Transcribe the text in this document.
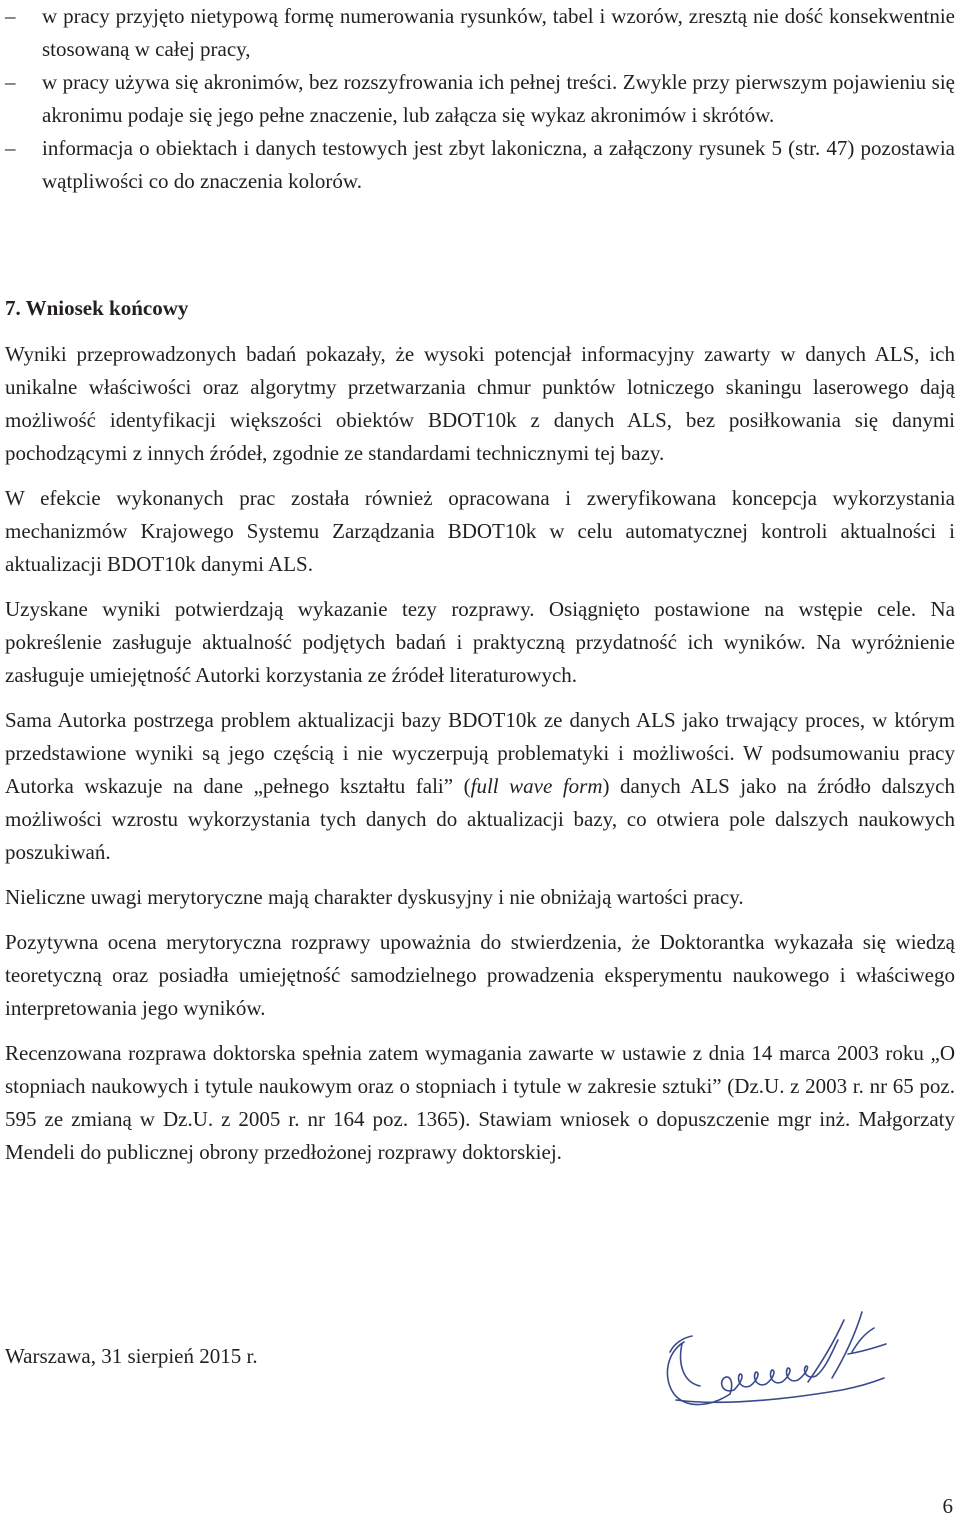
– w pracy przyjęto nietypową formę numerowania rysunków, tabel i wzorów, zresztą nie dość konsekwentnie stosowaną w całej pracy,
– w pracy używa się akronimów, bez rozszyfrowania ich pełnej treści. Zwykle przy pierwszym pojawieniu się akronimu podaje się jego pełne znaczenie, lub załącza się wykaz akronimów i skrótów.
– informacja o obiektach i danych testowych jest zbyt lakoniczna, a załączony rysunek 5 (str. 47) pozostawia wątpliwości co do znaczenia kolorów.
7. Wniosek końcowy

Wyniki przeprowadzonych badań pokazały, że wysoki potencjał informacyjny zawarty w danych ALS, ich unikalne właściwości oraz algorytmy przetwarzania chmur punktów lotniczego skaningu laserowego dają możliwość identyfikacji większości obiektów BDOT10k z danych ALS, bez posiłkowania się danymi pochodzącymi z innych źródeł, zgodnie ze standardami technicznymi tej bazy.

W efekcie wykonanych prac została również opracowana i zweryfikowana koncepcja wykorzystania mechanizmów Krajowego Systemu Zarządzania BDOT10k w celu automatycznej kontroli aktualności i aktualizacji BDOT10k danymi ALS.

Uzyskane wyniki potwierdzają wykazanie tezy rozprawy. Osiągnięto postawione na wstępie cele. Na pokreślenie zasługuje aktualność podjętych badań i praktyczną przydatność ich wyników. Na wyróżnienie zasługuje umiejętność Autorki korzystania ze źródeł literaturowych.

Sama Autorka postrzega problem aktualizacji bazy BDOT10k ze danych ALS jako trwający proces, w którym przedstawione wyniki są jego częścią i nie wyczerpują problematyki i możliwości. W podsumowaniu pracy Autorka wskazuje na dane „pełnego kształtu fali” (full wave form) danych ALS jako na źródło dalszych możliwości wzrostu wykorzystania tych danych do aktualizacji bazy, co otwiera pole dalszych naukowych poszukiwań.

Nieliczne uwagi merytoryczne mają charakter dyskusyjny i nie obniżają wartości pracy.

Pozytywna ocena merytoryczna rozprawy upoważnia do stwierdzenia, że Doktorantka wykazała się wiedzą teoretyczną oraz posiadła umiejętność samodzielnego prowadzenia eksperymentu naukowego i właściwego interpretowania jego wyników.

Recenzowana rozprawa doktorska spełnia zatem wymagania zawarte w ustawie z dnia 14 marca 2003 roku „O stopniach naukowych i tytule naukowym oraz o stopniach i tytule w zakresie sztuki” (Dz.U. z 2003 r. nr 65 poz. 595 ze zmianą w Dz.U. z 2005 r. nr 164 poz. 1365). Stawiam wniosek o dopuszczenie mgr inż. Małgorzaty Mendeli do publicznej obrony przedłożonej rozprawy doktorskiej.

Warszawa, 31 sierpień 2015 r.
6
